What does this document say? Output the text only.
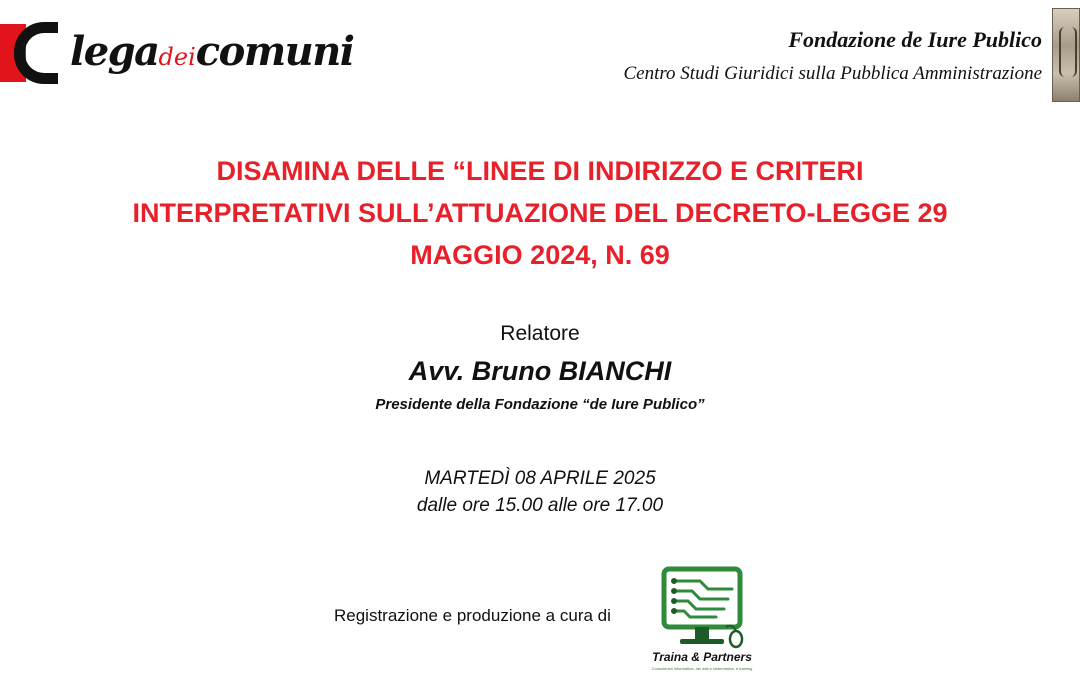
legadeicomuni	Fondazione de Iure Publico
Centro Studi Giuridici sulla Pubblica Amministrazione
DISAMINA DELLE “LINEE DI INDIRIZZO E CRITERI
INTERPRETATIVI SULL’ATTUAZIONE DEL DECRETO-LEGGE 29
MAGGIO 2024, N. 69
Relatore
Avv. Bruno BIANCHI
Presidente della Fondazione “de Iure Publico”
MARTEDÌ 08 APRILE 2025
dalle ore 15.00 alle ore 17.00
Registrazione e produzione a cura di
Traina & Partners
Consulenza informatica, dei dati e sistemistica, e training
